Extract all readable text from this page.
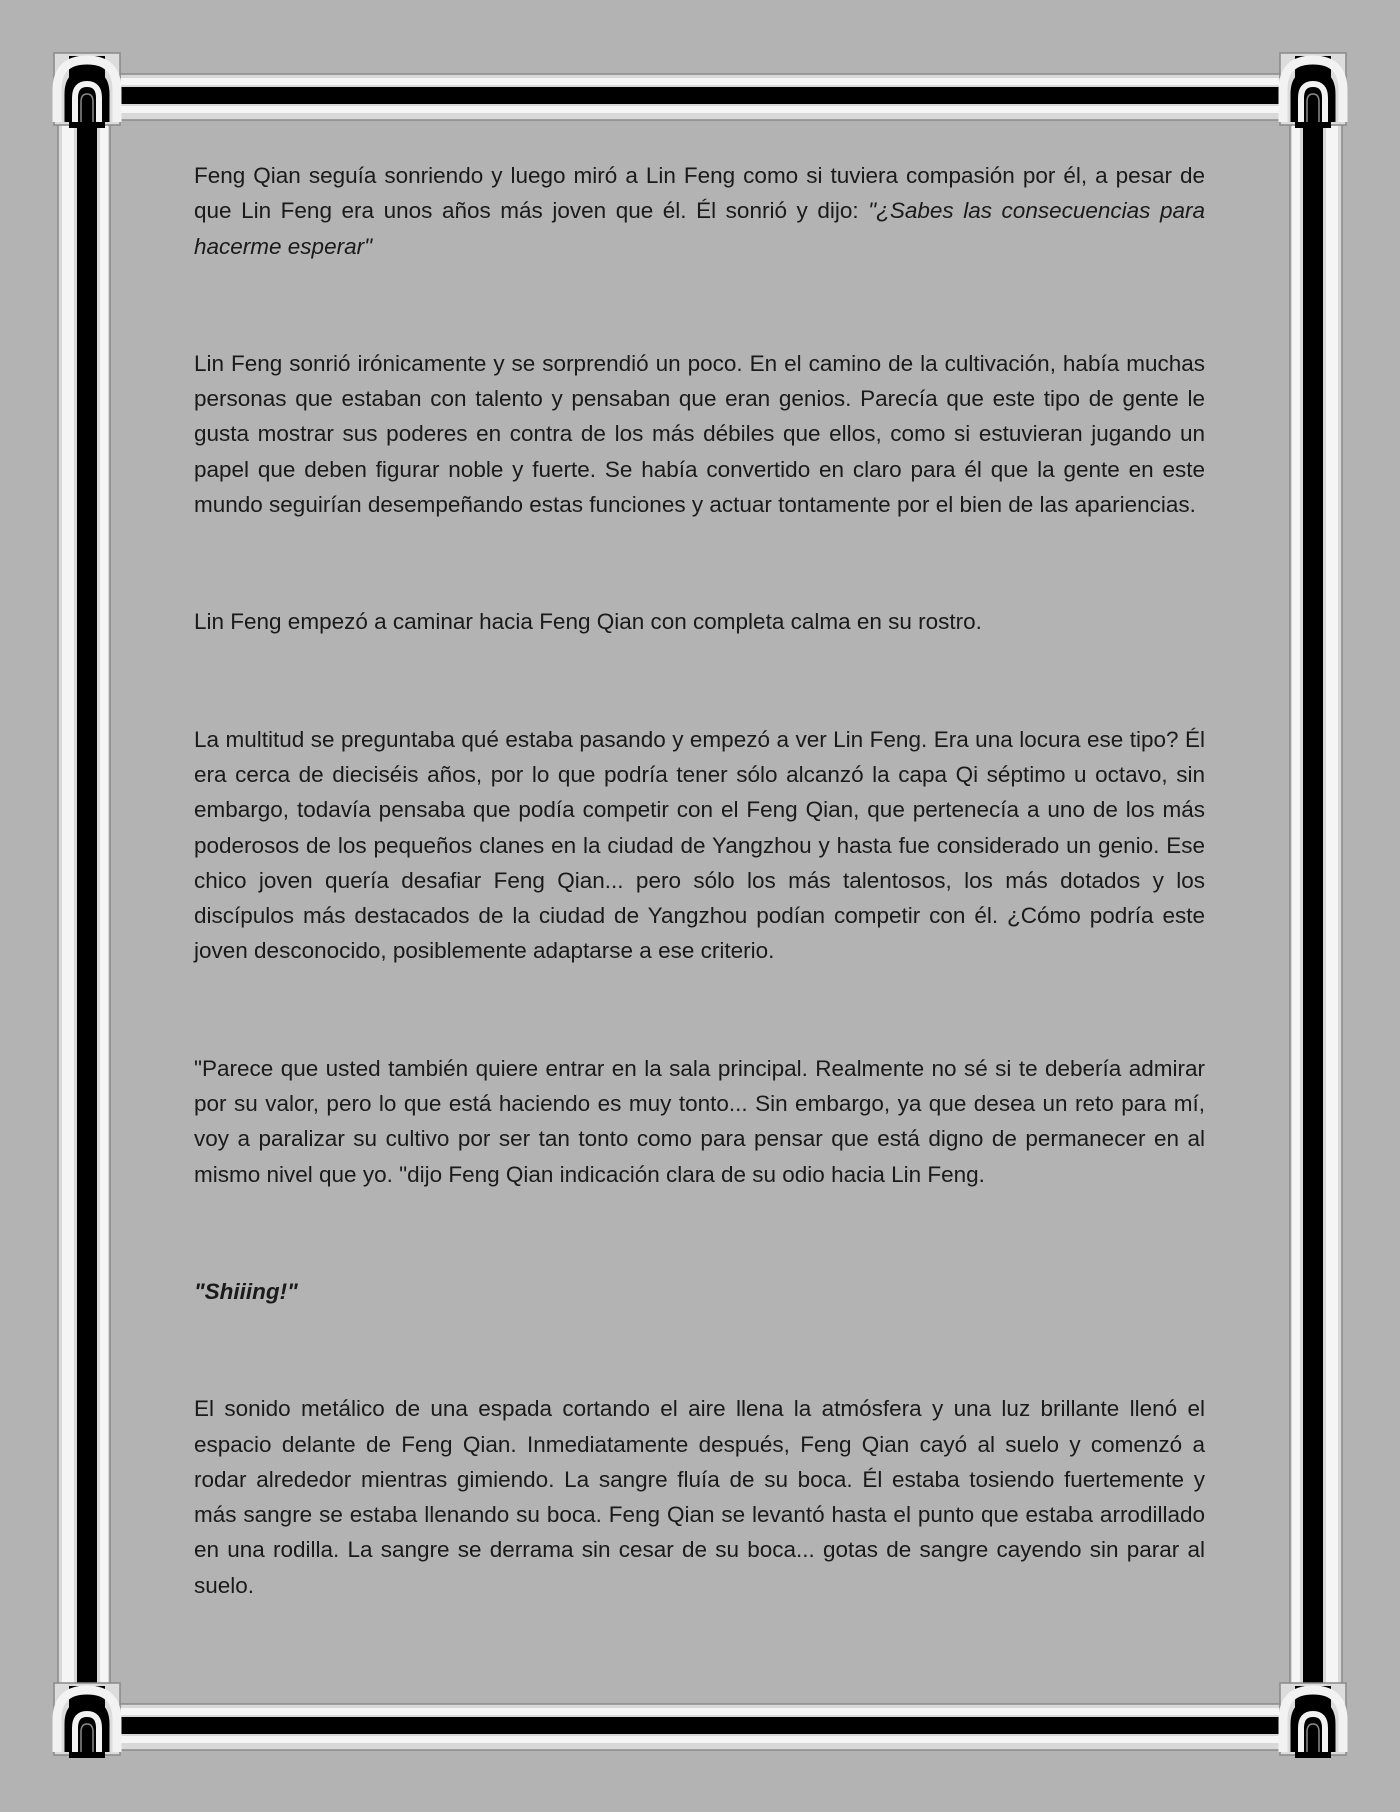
Feng Qian seguía sonriendo y luego miró a Lin Feng como si tuviera compasión por él, a pesar de que Lin Feng era unos años más joven que él. Él sonrió y dijo: "¿Sabes las consecuencias para hacerme esperar"

Lin Feng sonrió irónicamente y se sorprendió un poco. En el camino de la cultivación, había muchas personas que estaban con talento y pensaban que eran genios. Parecía que este tipo de gente le gusta mostrar sus poderes en contra de los más débiles que ellos, como si estuvieran jugando un papel que deben figurar noble y fuerte. Se había convertido en claro para él que la gente en este mundo seguirían desempeñando estas funciones y actuar tontamente por el bien de las apariencias.

Lin Feng empezó a caminar hacia Feng Qian con completa calma en su rostro.

La multitud se preguntaba qué estaba pasando y empezó a ver Lin Feng. Era una locura ese tipo? Él era cerca de dieciséis años, por lo que podría tener sólo alcanzó la capa Qi séptimo u octavo, sin embargo, todavía pensaba que podía competir con el Feng Qian, que pertenecía a uno de los más poderosos de los pequeños clanes en la ciudad de Yangzhou y hasta fue considerado un genio. Ese chico joven quería desafiar Feng Qian... pero sólo los más talentosos, los más dotados y los discípulos más destacados de la ciudad de Yangzhou podían competir con él. ¿Cómo podría este joven desconocido, posiblemente adaptarse a ese criterio.

"Parece que usted también quiere entrar en la sala principal. Realmente no sé si te debería admirar por su valor, pero lo que está haciendo es muy tonto... Sin embargo, ya que desea un reto para mí, voy a paralizar su cultivo por ser tan tonto como para pensar que está digno de permanecer en al mismo nivel que yo. "dijo Feng Qian indicación clara de su odio hacia Lin Feng.

"Shiiing!"

El sonido metálico de una espada cortando el aire llena la atmósfera y una luz brillante llenó el espacio delante de Feng Qian. Inmediatamente después, Feng Qian cayó al suelo y comenzó a rodar alrededor mientras gimiendo. La sangre fluía de su boca. Él estaba tosiendo fuertemente y más sangre se estaba llenando su boca. Feng Qian se levantó hasta el punto que estaba arrodillado en una rodilla. La sangre se derrama sin cesar de su boca... gotas de sangre cayendo sin parar al suelo.
